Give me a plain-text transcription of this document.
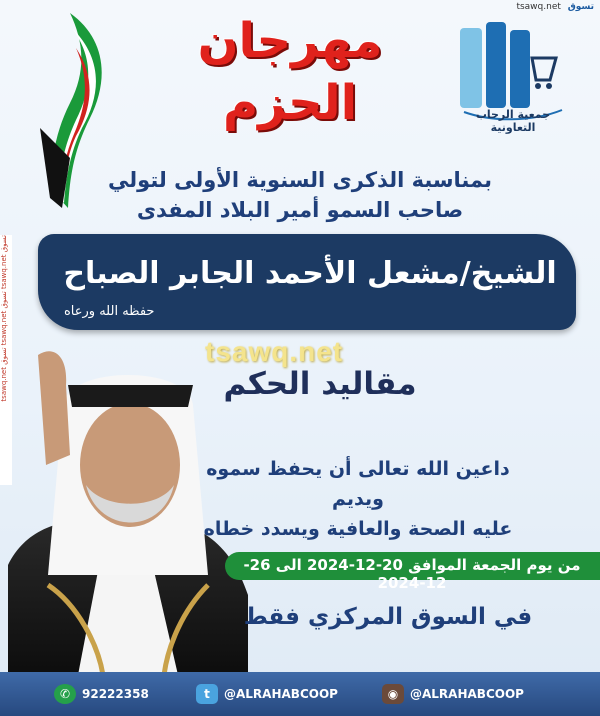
tsawq.net تسوق
tsawq.net تسوق tsawq.net تسوق tsawq.net تسوق
جمعية الرحاب التعاونية
مهرجان
الحزم
بمناسبة الذكرى السنوية الأولى لتولي
صاحب السمو أمير البلاد المفدى
الشيخ/مشعل الأحمد الجابر الصباح
حفظه الله ورعاه
tsawq.net
مقاليد الحكم
داعين الله تعالى أن يحفظ سموه ويديم
عليه الصحة والعافية ويسدد خطاه
من يوم الجمعة الموافق 20-12-2024 الى 26-12-2024
في السوق المركزي فقط
✆ 92222358	t	@ALRAHABCOOP	◉ @ALRAHABCOOP
